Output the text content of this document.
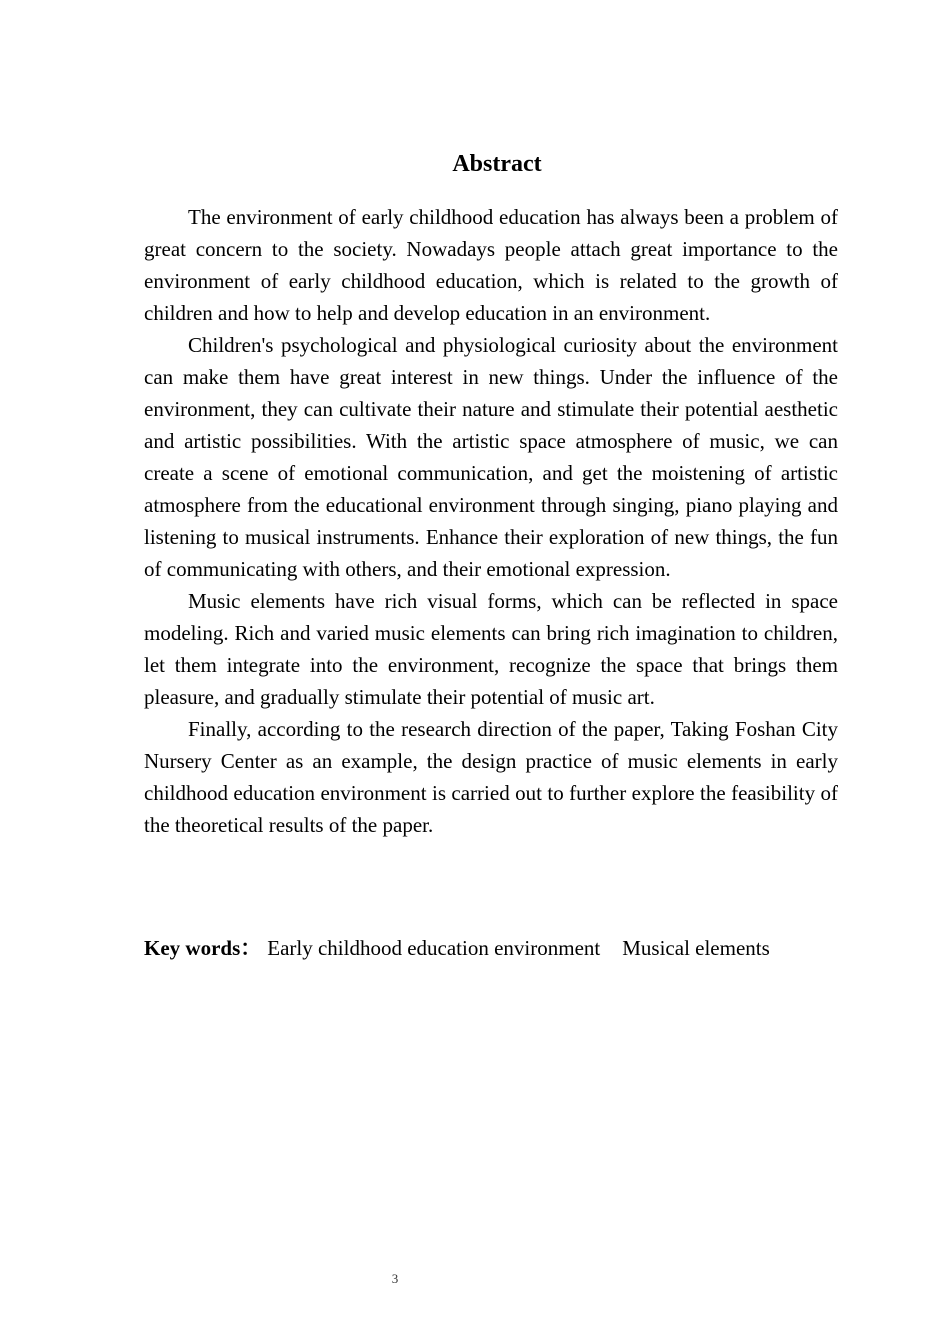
Abstract

The environment of early childhood education has always been a problem of great concern to the society. Nowadays people attach great importance to the environment of early childhood education, which is related to the growth of children and how to help and develop education in an environment.

Children's psychological and physiological curiosity about the environment can make them have great interest in new things. Under the influence of the environment, they can cultivate their nature and stimulate their potential aesthetic and artistic possibilities. With the artistic space atmosphere of music, we can create a scene of emotional communication, and get the moistening of artistic atmosphere from the educational environment through singing, piano playing and listening to musical instruments. Enhance their exploration of new things, the fun of communicating with others, and their emotional expression.

Music elements have rich visual forms, which can be reflected in space modeling. Rich and varied music elements can bring rich imagination to children, let them integrate into the environment, recognize the space that brings them pleasure, and gradually stimulate their potential of music art.

Finally, according to the research direction of the paper, Taking Foshan City Nursery Center as an example, the design practice of music elements in early childhood education environment is carried out to further explore the feasibility of the theoretical results of the paper.

Key words： Early childhood education environment Musical elements

3
